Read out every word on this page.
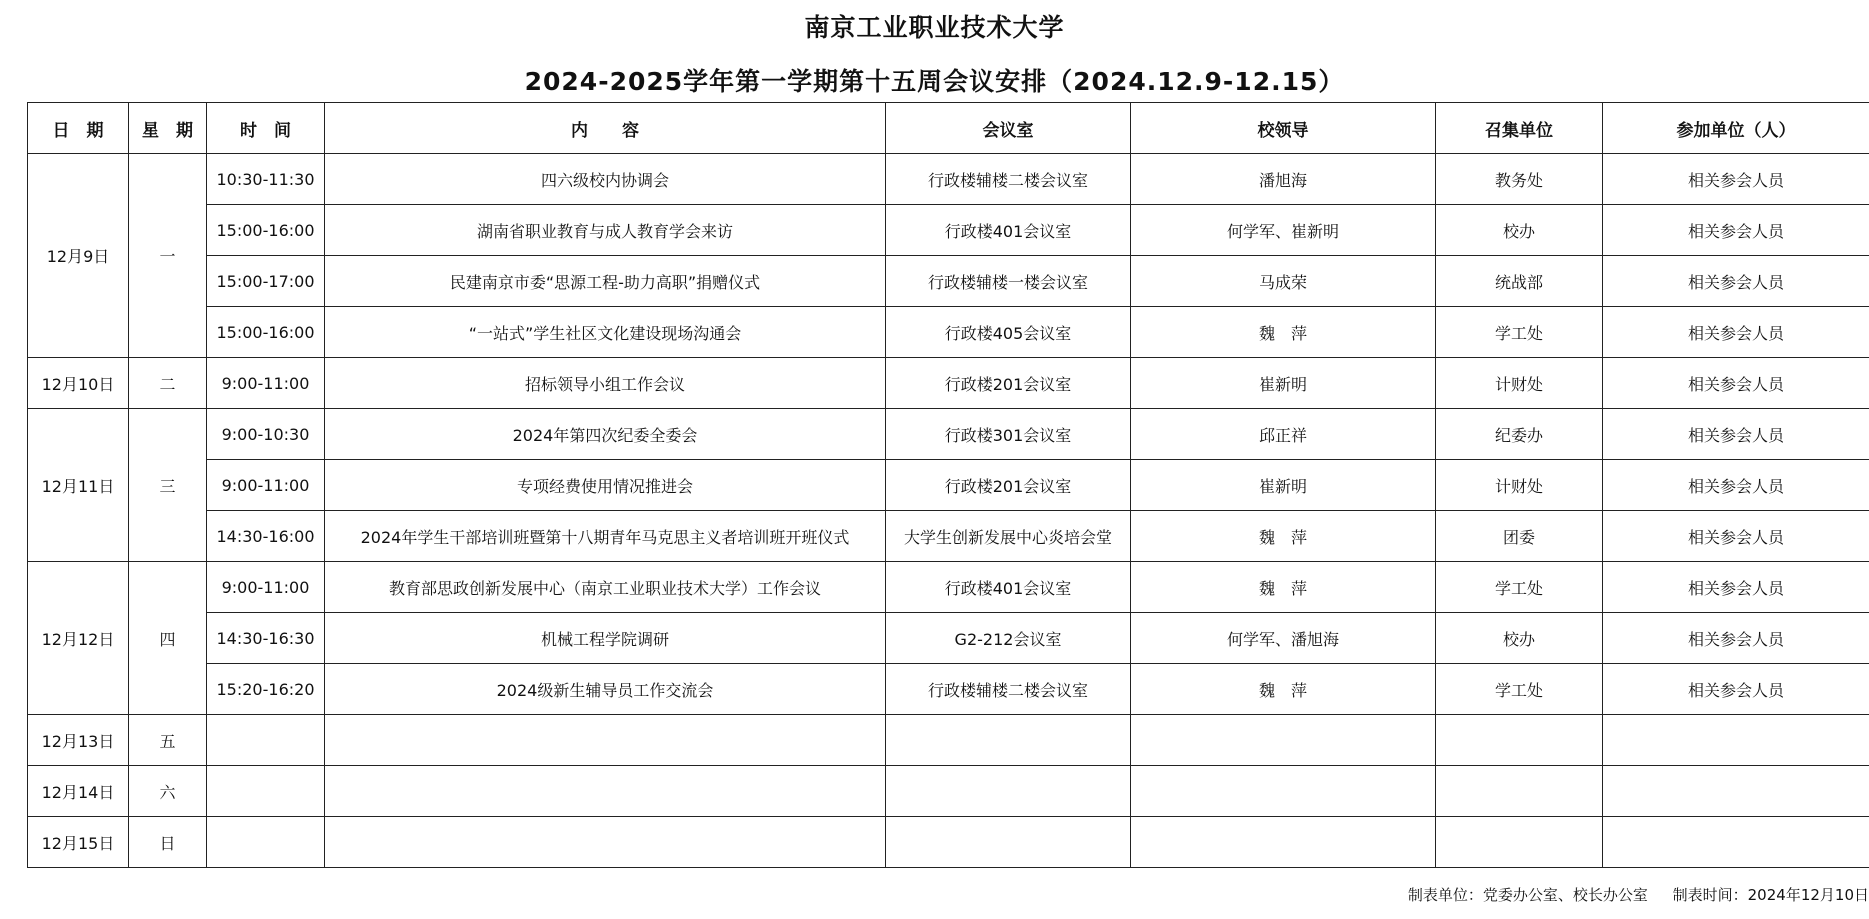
南京工业职业技术大学
2024-2025学年第一学期第十五周会议安排（2024.12.9-12.15）
日　期	星　期	时　间	内　　容	会议室	校领导	召集单位	参加单位（人）
12月9日	一	10:30-11:30	四六级校内协调会	行政楼辅楼二楼会议室	潘旭海	教务处	相关参会人员
		15:00-16:00	湖南省职业教育与成人教育学会来访	行政楼401会议室	何学军、崔新明	校办	相关参会人员
		15:00-17:00	民建南京市委“思源工程-助力高职”捐赠仪式	行政楼辅楼一楼会议室	马成荣	统战部	相关参会人员
		15:00-16:00	“一站式”学生社区文化建设现场沟通会	行政楼405会议室	魏　萍	学工处	相关参会人员
12月10日	二	9:00-11:00	招标领导小组工作会议	行政楼201会议室	崔新明	计财处	相关参会人员
12月11日	三	9:00-10:30	2024年第四次纪委全委会	行政楼301会议室	邱正祥	纪委办	相关参会人员
		9:00-11:00	专项经费使用情况推进会	行政楼201会议室	崔新明	计财处	相关参会人员
		14:30-16:00	2024年学生干部培训班暨第十八期青年马克思主义者培训班开班仪式	大学生创新发展中心炎培会堂	魏　萍	团委	相关参会人员
12月12日	四	9:00-11:00	教育部思政创新发展中心（南京工业职业技术大学）工作会议	行政楼401会议室	魏　萍	学工处	相关参会人员
		14:30-16:30	机械工程学院调研	G2-212会议室	何学军、潘旭海	校办	相关参会人员
		15:20-16:20	2024级新生辅导员工作交流会	行政楼辅楼二楼会议室	魏　萍	学工处	相关参会人员
12月13日	五						
12月14日	六						
12月15日	日						
制表单位：党委办公室、校长办公室 制表时间：2024年12月10日
